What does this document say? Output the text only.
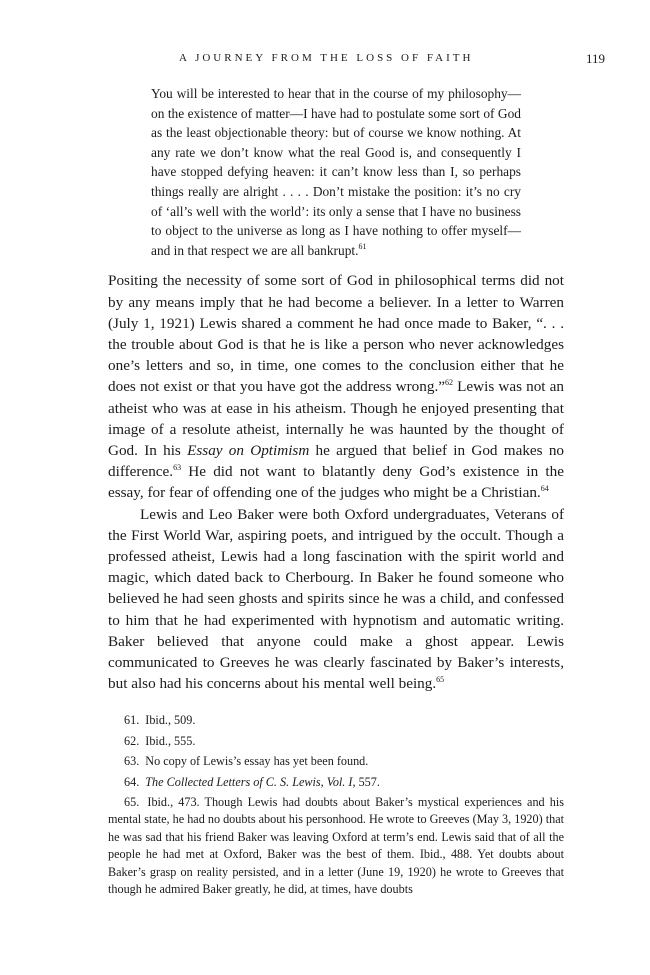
A JOURNEY FROM THE LOSS OF FAITH	119

You will be interested to hear that in the course of my philosophy—on the existence of matter—I have had to postulate some sort of God as the least objectionable theory: but of course we know nothing. At any rate we don’t know what the real Good is, and consequently I have stopped defying heaven: it can’t know less than I, so perhaps things really are alright . . . . Don’t mistake the position: it’s no cry of ‘all’s well with the world’: its only a sense that I have no business to object to the universe as long as I have nothing to offer myself—and in that respect we are all bankrupt.$^{61}$

Positing the necessity of some sort of God in philosophical terms did not by any means imply that he had become a believer. In a letter to Warren (July 1, 1921) Lewis shared a comment he had once made to Baker, “. . . the trouble about God is that he is like a person who never acknowledges one’s letters and so, in time, one comes to the conclusion either that he does not exist or that you have got the address wrong.”$^{62}$ Lewis was not an atheist who was at ease in his atheism. Though he enjoyed presenting that image of a resolute atheist, internally he was haunted by the thought of God. In his Essay on Optimism he argued that belief in God makes no difference.$^{63}$ He did not want to blatantly deny God’s existence in the essay, for fear of offending one of the judges who might be a Christian.$^{64}$

Lewis and Leo Baker were both Oxford undergraduates, Veterans of the First World War, aspiring poets, and intrigued by the occult. Though a professed atheist, Lewis had a long fascination with the spirit world and magic, which dated back to Cherbourg. In Baker he found someone who believed he had seen ghosts and spirits since he was a child, and confessed to him that he had experimented with hypnotism and automatic writing. Baker believed that anyone could make a ghost appear. Lewis communicated to Greeves he was clearly fascinated by Baker’s interests, but also had his concerns about his mental well being.$^{65}$

61. Ibid., 509.

62. Ibid., 555.

63. No copy of Lewis’s essay has yet been found.

64. The Collected Letters of C. S. Lewis, Vol. I, 557.

65. Ibid., 473. Though Lewis had doubts about Baker’s mystical experiences and his mental state, he had no doubts about his personhood. He wrote to Greeves (May 3, 1920) that he was sad that his friend Baker was leaving Oxford at term’s end. Lewis said that of all the people he had met at Oxford, Baker was the best of them. Ibid., 488. Yet doubts about Baker’s grasp on reality persisted, and in a letter (June 19, 1920) he wrote to Greeves that though he admired Baker greatly, he did, at times, have doubts
